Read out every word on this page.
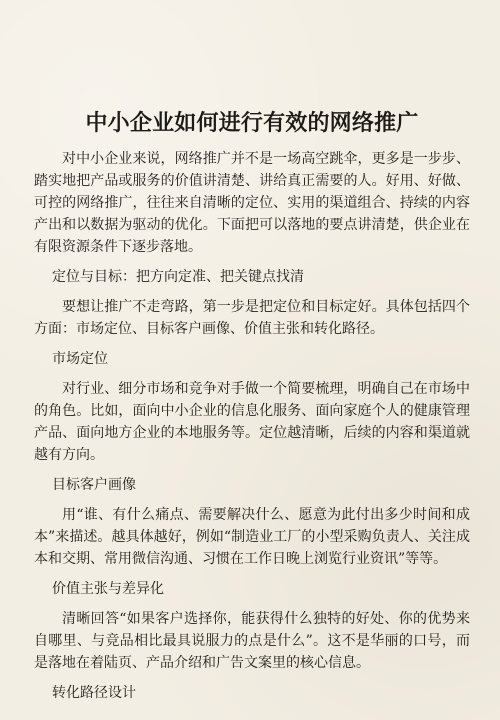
中小企业如何进行有效的网络推广

对中小企业来说，网络推广并不是一场高空跳伞，更多是一步步、踏实地把产品或服务的价值讲清楚、讲给真正需要的人。好用、好做、可控的网络推广，往往来自清晰的定位、实用的渠道组合、持续的内容产出和以数据为驱动的优化。下面把可以落地的要点讲清楚，供企业在有限资源条件下逐步落地。

定位与目标：把方向定准、把关键点找清

要想让推广不走弯路，第一步是把定位和目标定好。具体包括四个方面：市场定位、目标客户画像、价值主张和转化路径。

市场定位

对行业、细分市场和竞争对手做一个简要梳理，明确自己在市场中的角色。比如，面向中小企业的信息化服务、面向家庭个人的健康管理产品、面向地方企业的本地服务等。定位越清晰，后续的内容和渠道就越有方向。

目标客户画像

用“谁、有什么痛点、需要解决什么、愿意为此付出多少时间和成本”来描述。越具体越好，例如“制造业工厂的小型采购负责人、关注成本和交期、常用微信沟通、习惯在工作日晚上浏览行业资讯”等等。

价值主张与差异化

清晰回答“如果客户选择你，能获得什么独特的好处、你的优势来自哪里、与竞品相比最具说服力的点是什么”。这不是华丽的口号，而是落地在着陆页、产品介绍和广告文案里的核心信息。

转化路径设计
